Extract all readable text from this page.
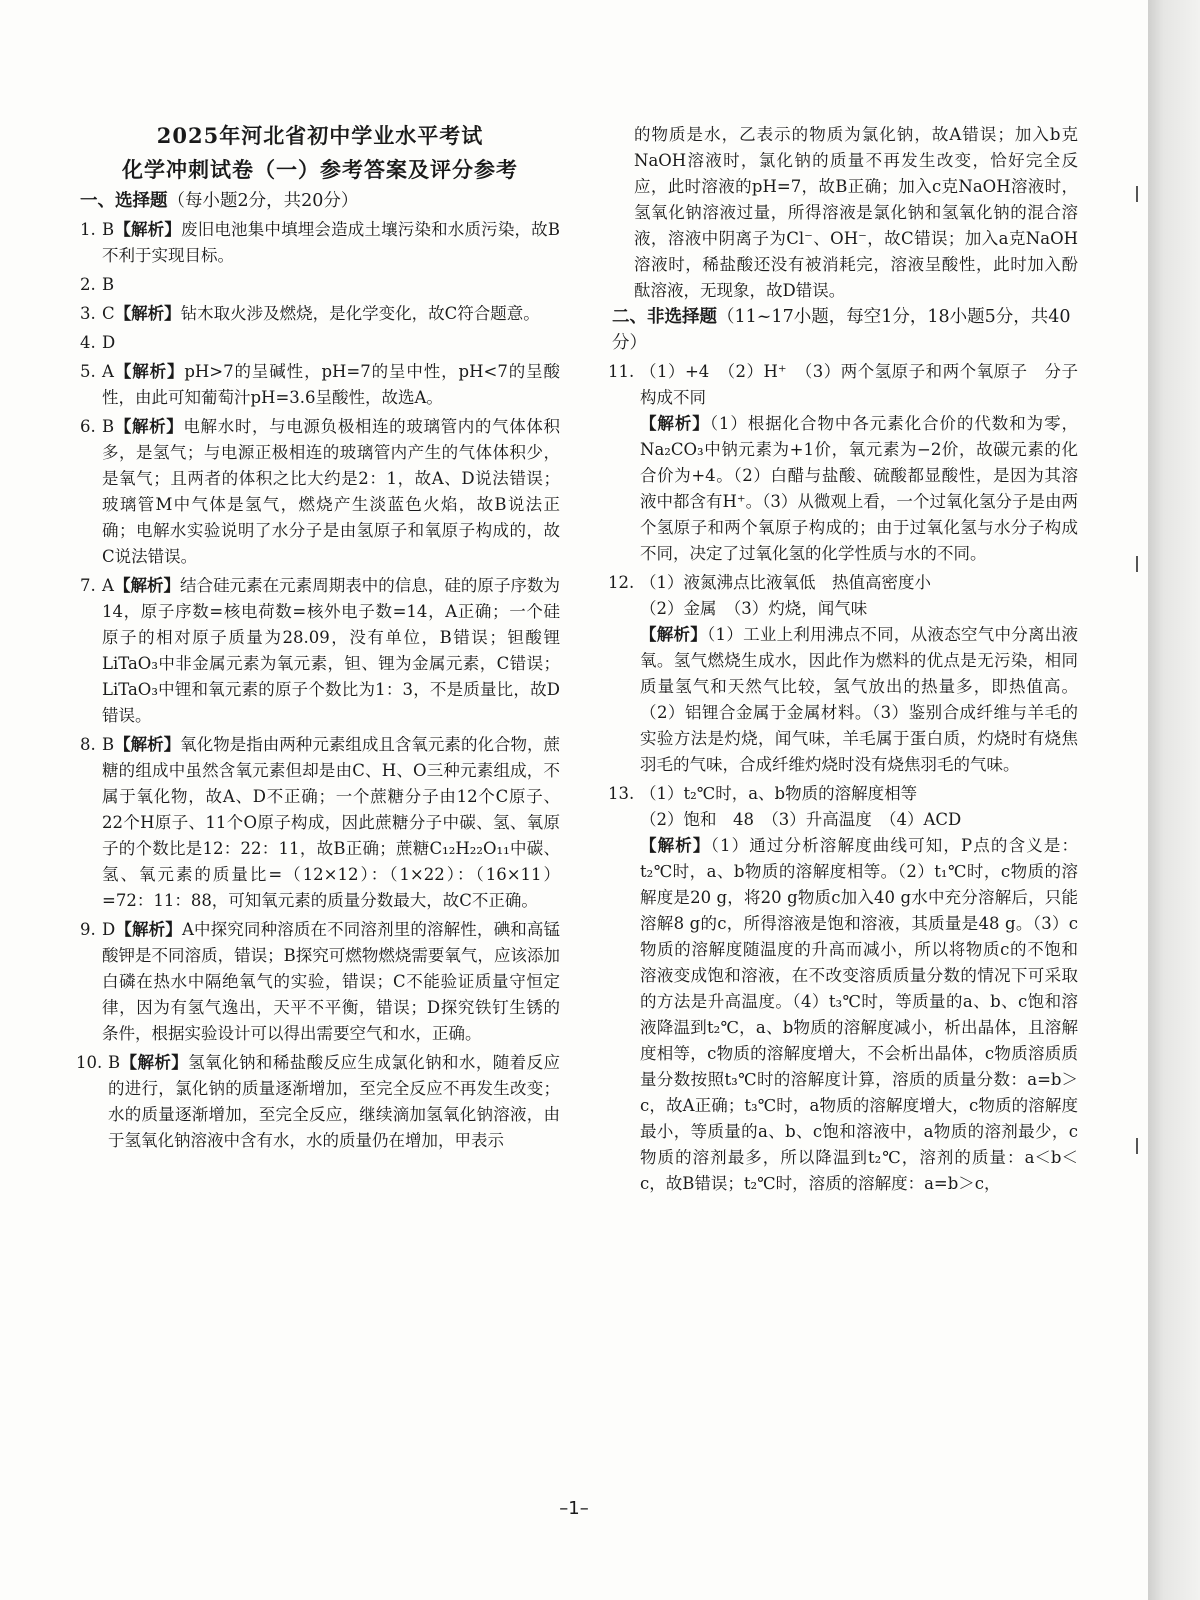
2025年河北省初中学业水平考试
化学冲刺试卷（一）参考答案及评分参考
一、选择题（每小题2分，共20分）
1. B【解析】废旧电池集中填埋会造成土壤污染和水质污染，故B不利于实现目标。
2. B
3. C【解析】钻木取火涉及燃烧，是化学变化，故C符合题意。
4. D
5. A【解析】pH>7的呈碱性，pH=7的呈中性，pH<7的呈酸性，由此可知葡萄汁pH=3.6呈酸性，故选A。
6. B【解析】电解水时，与电源负极相连的玻璃管内的气体体积多，是氢气；与电源正极相连的玻璃管内产生的气体体积少，是氧气；且两者的体积之比大约是2：1，故A、D说法错误；玻璃管M中气体是氢气，燃烧产生淡蓝色火焰，故B说法正确；电解水实验说明了水分子是由氢原子和氧原子构成的，故C说法错误。
7. A【解析】结合硅元素在元素周期表中的信息，硅的原子序数为14，原子序数=核电荷数=核外电子数=14，A正确；一个硅原子的相对原子质量为28.09，没有单位，B错误；钽酸锂LiTaO₃中非金属元素为氧元素，钽、锂为金属元素，C错误；LiTaO₃中锂和氧元素的原子个数比为1：3，不是质量比，故D错误。
8. B【解析】氧化物是指由两种元素组成且含氧元素的化合物，蔗糖的组成中虽然含氧元素但却是由C、H、O三种元素组成，不属于氧化物，故A、D不正确；一个蔗糖分子由12个C原子、22个H原子、11个O原子构成，因此蔗糖分子中碳、氢、氧原子的个数比是12：22：11，故B正确；蔗糖C₁₂H₂₂O₁₁中碳、氢、氧元素的质量比=（12×12）：（1×22）：（16×11）=72：11：88，可知氧元素的质量分数最大，故C不正确。
9. D【解析】A中探究同种溶质在不同溶剂里的溶解性，碘和高锰酸钾是不同溶质，错误；B探究可燃物燃烧需要氧气，应该添加白磷在热水中隔绝氧气的实验，错误；C不能验证质量守恒定律，因为有氢气逸出，天平不平衡，错误；D探究铁钉生锈的条件，根据实验设计可以得出需要空气和水，正确。
10. B【解析】氢氧化钠和稀盐酸反应生成氯化钠和水，随着反应的进行，氯化钠的质量逐渐增加，至完全反应不再发生改变；水的质量逐渐增加，至完全反应，继续滴加氢氧化钠溶液，由于氢氧化钠溶液中含有水，水的质量仍在增加，甲表示
的物质是水，乙表示的物质为氯化钠，故A错误；加入b克NaOH溶液时，氯化钠的质量不再发生改变，恰好完全反应，此时溶液的pH=7，故B正确；加入c克NaOH溶液时，氢氧化钠溶液过量，所得溶液是氯化钠和氢氧化钠的混合溶液，溶液中阴离子为Cl⁻、OH⁻，故C错误；加入a克NaOH溶液时，稀盐酸还没有被消耗完，溶液呈酸性，此时加入酚酞溶液，无现象，故D错误。
二、非选择题（11~17小题，每空1分，18小题5分，共40分）
11. （1）+4　（2）H⁺　（3）两个氢原子和两个氧原子　分子构成不同
【解析】（1）根据化合物中各元素化合价的代数和为零，Na₂CO₃中钠元素为+1价，氧元素为−2价，故碳元素的化合价为+4。（2）白醋与盐酸、硫酸都显酸性，是因为其溶液中都含有H⁺。（3）从微观上看，一个过氧化氢分子是由两个氢原子和两个氧原子构成的；由于过氧化氢与水分子构成不同，决定了过氧化氢的化学性质与水的不同。
12. （1）液氮沸点比液氧低　热值高密度小
（2）金属　（3）灼烧，闻气味
【解析】（1）工业上利用沸点不同，从液态空气中分离出液氧。氢气燃烧生成水，因此作为燃料的优点是无污染，相同质量氢气和天然气比较，氢气放出的热量多，即热值高。（2）铝锂合金属于金属材料。（3）鉴别合成纤维与羊毛的实验方法是灼烧，闻气味，羊毛属于蛋白质，灼烧时有烧焦羽毛的气味，合成纤维灼烧时没有烧焦羽毛的气味。
13. （1）t₂℃时，a、b物质的溶解度相等
（2）饱和　48　（3）升高温度　（4）ACD
【解析】（1）通过分析溶解度曲线可知，P点的含义是：t₂℃时，a、b物质的溶解度相等。（2）t₁℃时，c物质的溶解度是20 g，将20 g物质c加入40 g水中充分溶解后，只能溶解8 g的c，所得溶液是饱和溶液，其质量是48 g。（3）c物质的溶解度随温度的升高而减小，所以将物质c的不饱和溶液变成饱和溶液，在不改变溶质质量分数的情况下可采取的方法是升高温度。（4）t₃℃时，等质量的a、b、c饱和溶液降温到t₂℃，a、b物质的溶解度减小，析出晶体，且溶解度相等，c物质的溶解度增大，不会析出晶体，c物质溶质质量分数按照t₃℃时的溶解度计算，溶质的质量分数：a=b＞c，故A正确；t₃℃时，a物质的溶解度增大，c物质的溶解度最小，等质量的a、b、c饱和溶液中，a物质的溶剂最少，c物质的溶剂最多，所以降温到t₂℃，溶剂的质量：a＜b＜c，故B错误；t₂℃时，溶质的溶解度：a=b＞c，
–1–
